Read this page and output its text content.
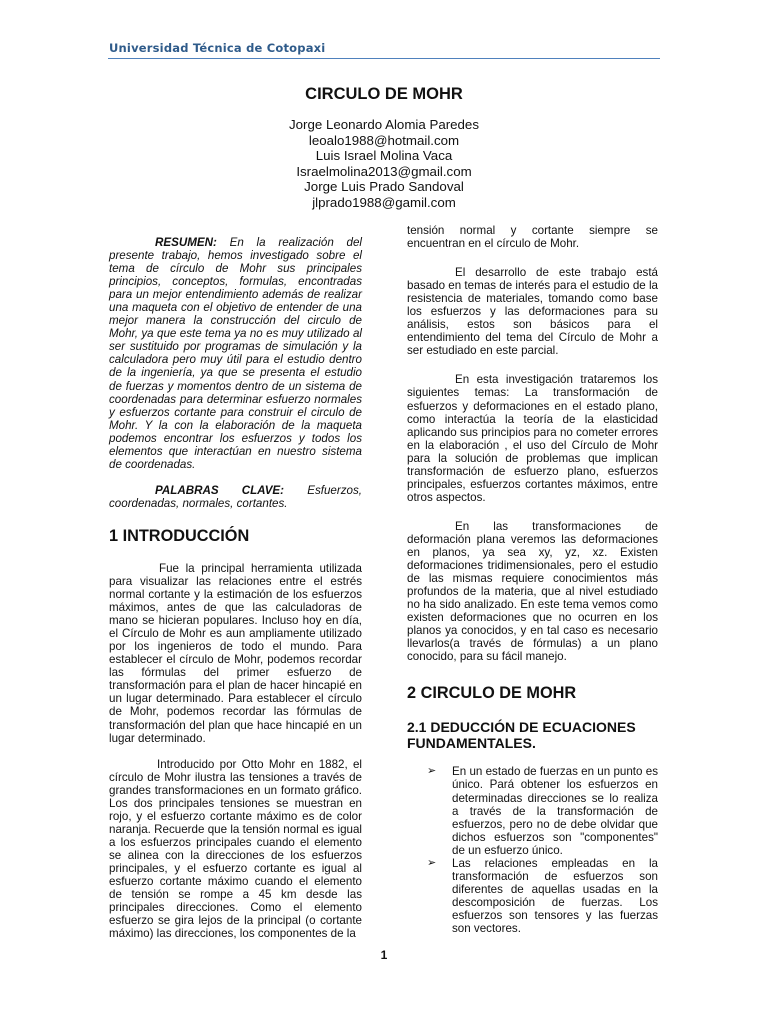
Universidad Técnica de Cotopaxi
CIRCULO DE MOHR
Jorge Leonardo Alomia Paredes
leoalo1988@hotmail.com
Luis Israel Molina Vaca
Israelmolina2013@gmail.com
Jorge Luis Prado Sandoval
jlprado1988@gamil.com

RESUMEN: En la realización del presente trabajo, hemos investigado sobre el tema de círculo de Mohr sus principales principios, conceptos, formulas, encontradas para un mejor entendimiento además de realizar una maqueta con el objetivo de entender de una mejor manera la construcción del circulo de Mohr, ya que este tema ya no es muy utilizado al ser sustituido por programas de simulación y la calculadora pero muy útil para el estudio dentro de la ingeniería, ya que se presenta el estudio de fuerzas y momentos dentro de un sistema de coordenadas para determinar esfuerzo normales y esfuerzos cortante para construir el circulo de Mohr. Y la con la elaboración de la maqueta podemos encontrar los esfuerzos y todos los elementos que interactúan en nuestro sistema de coordenadas.

PALABRAS CLAVE: Esfuerzos, coordenadas, normales, cortantes.

1 INTRODUCCIÓN

Fue la principal herramienta utilizada para visualizar las relaciones entre el estrés normal cortante y la estimación de los esfuerzos máximos, antes de que las calculadoras de mano se hicieran populares. Incluso hoy en día, el Círculo de Mohr es aun ampliamente utilizado por los ingenieros de todo el mundo. Para establecer el círculo de Mohr, podemos recordar las fórmulas del primer esfuerzo de transformación para el plan de hacer hincapié en un lugar determinado. Para establecer el círculo de Mohr, podemos recordar las fórmulas de transformación del plan que hace hincapié en un lugar determinado.

Introducido por Otto Mohr en 1882, el círculo de Mohr ilustra las tensiones a través de grandes transformaciones en un formato gráfico. Los dos principales tensiones se muestran en rojo, y el esfuerzo cortante máximo es de color naranja. Recuerde que la tensión normal es igual a los esfuerzos principales cuando el elemento se alinea con la direcciones de los esfuerzos principales, y el esfuerzo cortante es igual al esfuerzo cortante máximo cuando el elemento de tensión se rompe a 45 km desde las principales direcciones. Como el elemento esfuerzo se gira lejos de la principal (o cortante máximo) las direcciones, los componentes de la

tensión normal y cortante siempre se encuentran en el círculo de Mohr.

El desarrollo de este trabajo está basado en temas de interés para el estudio de la resistencia de materiales, tomando como base los esfuerzos y las deformaciones para su análisis, estos son básicos para el entendimiento del tema del Círculo de Mohr a ser estudiado en este parcial.

En esta investigación trataremos los siguientes temas: La transformación de esfuerzos y deformaciones en el estado plano, como interactúa la teoría de la elasticidad aplicando sus principios para no cometer errores en la elaboración , el uso del Círculo de Mohr para la solución de problemas que implican transformación de esfuerzo plano, esfuerzos principales, esfuerzos cortantes máximos, entre otros aspectos.

En las transformaciones de deformación plana veremos las deformaciones en planos, ya sea xy, yz, xz. Existen deformaciones tridimensionales, pero el estudio de las mismas requiere conocimientos más profundos de la materia, que al nivel estudiado no ha sido analizado. En este tema vemos como existen deformaciones que no ocurren en los planos ya conocidos, y en tal caso es necesario llevarlos(a través de fórmulas) a un plano conocido, para su fácil manejo.

2 CIRCULO DE MOHR
2.1 DEDUCCIÓN DE ECUACIONES FUNDAMENTALES.
➢ En un estado de fuerzas en un punto es único. Pará obtener los esfuerzos en determinadas direcciones se lo realiza a través de la transformación de esfuerzos, pero no de debe olvidar que dichos esfuerzos son "componentes" de un esfuerzo único.
➢ Las relaciones empleadas en la transformación de esfuerzos son diferentes de aquellas usadas en la descomposición de fuerzas. Los esfuerzos son tensores y las fuerzas son vectores.
1
